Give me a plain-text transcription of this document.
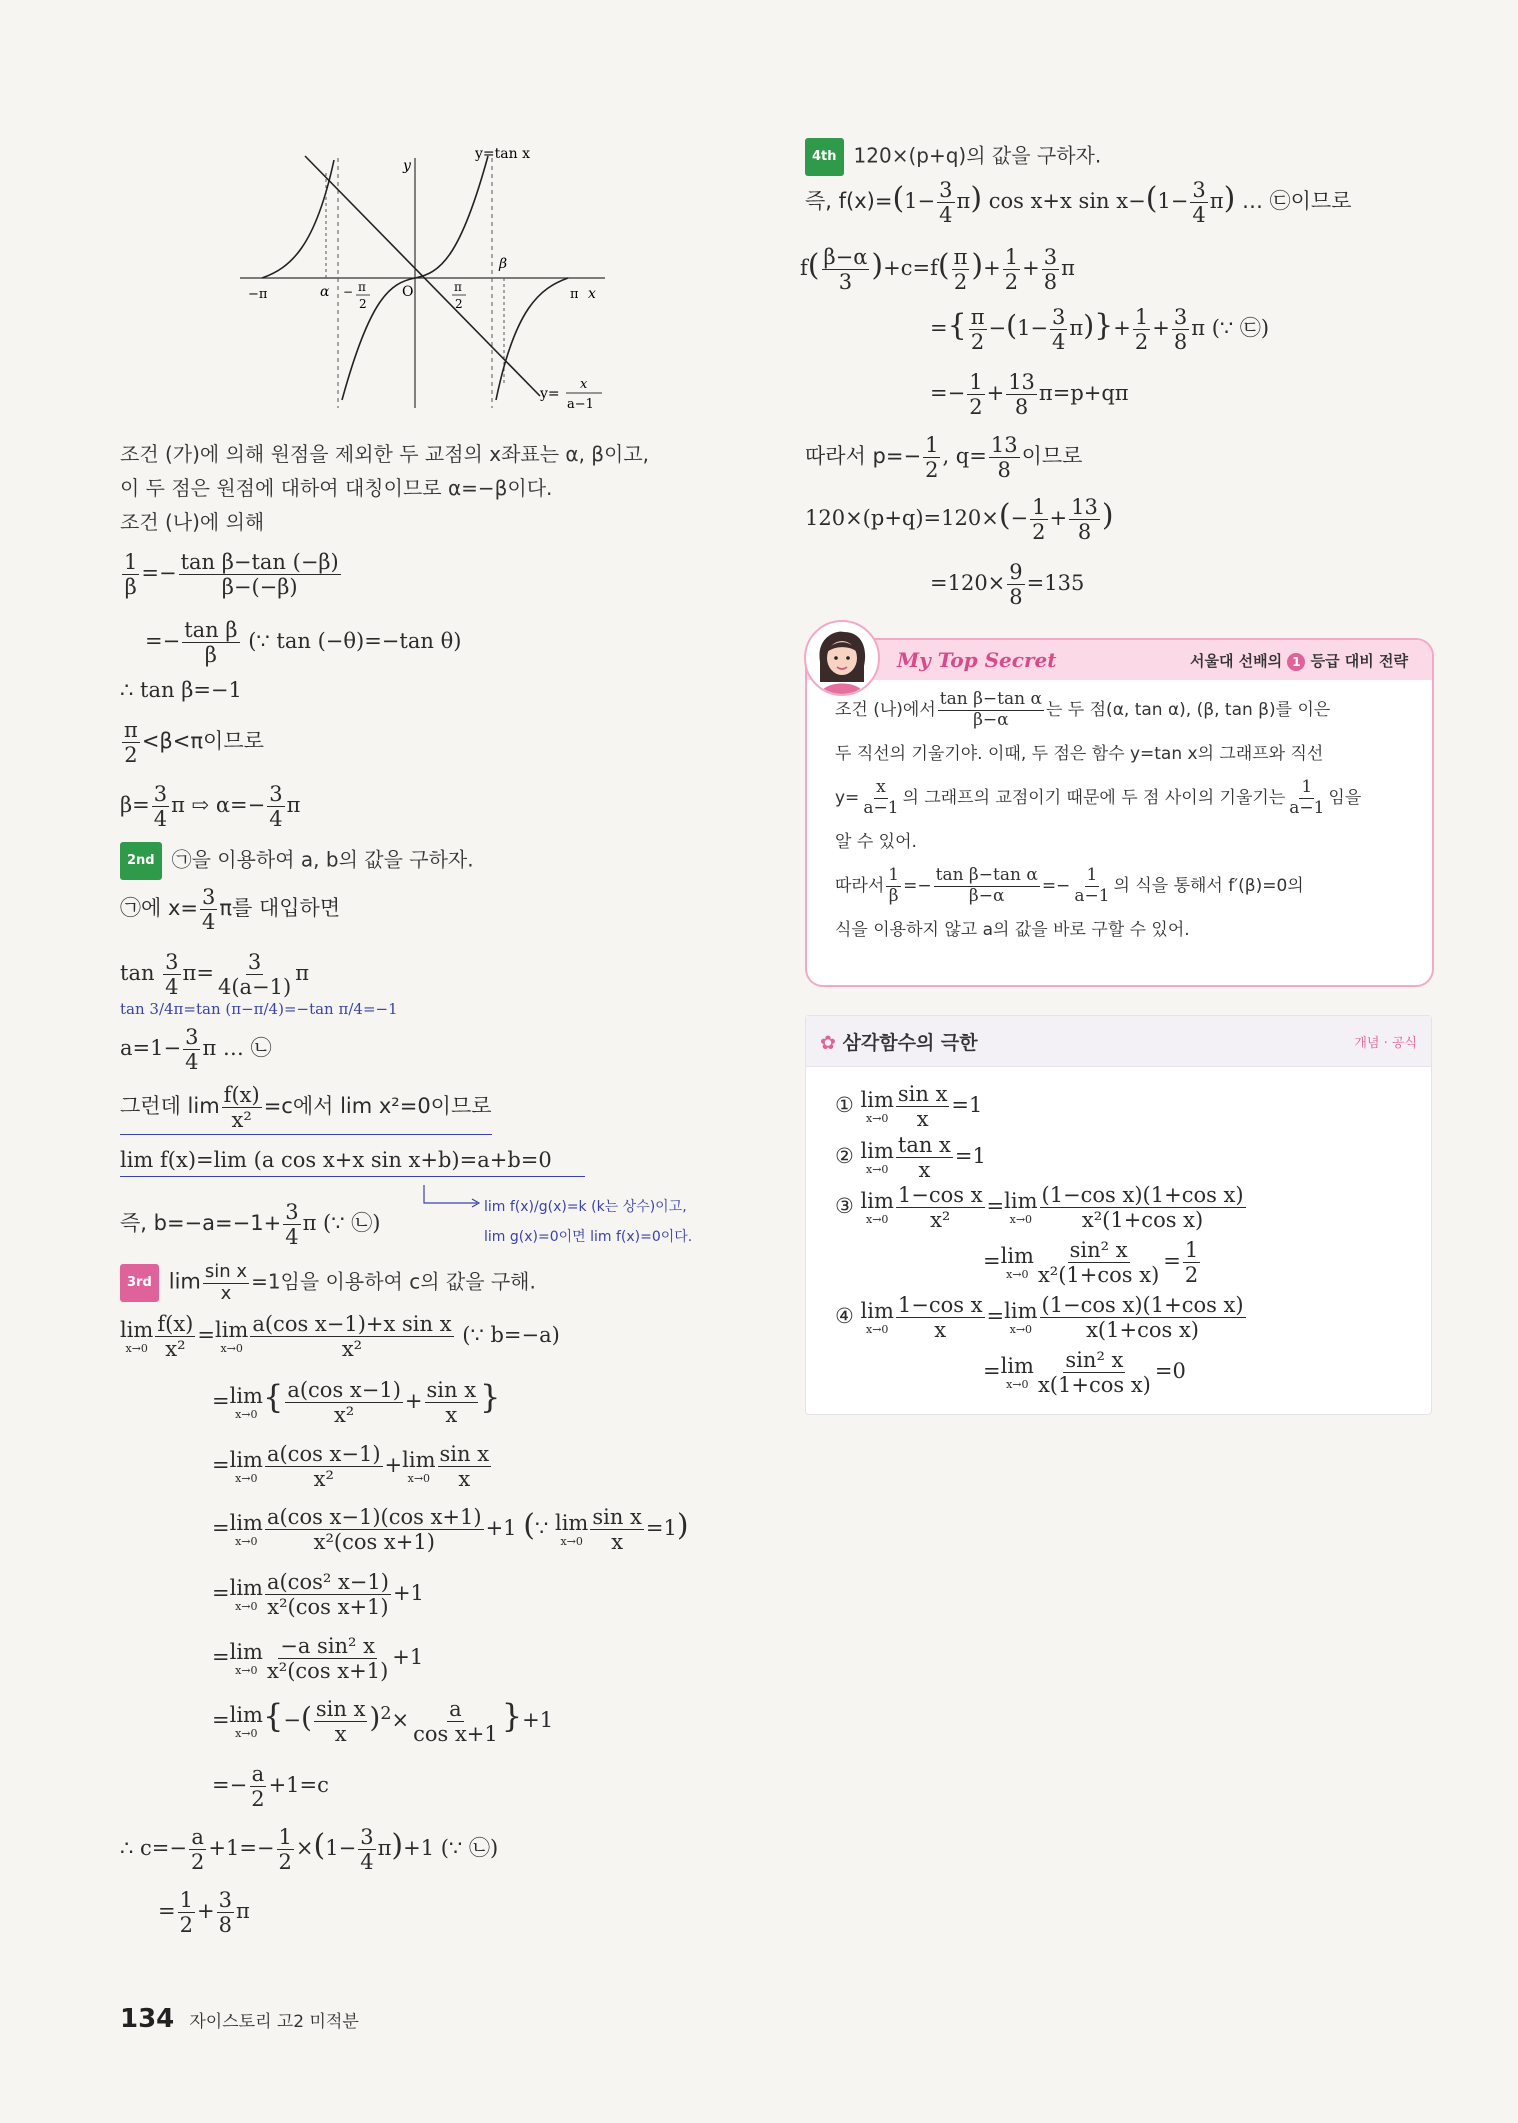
y
x
y=tan x
−π	α − π
2
O	π
2
β
π
y=
x
a−1
조건 (가)에 의해 원점을 제외한 두 교점의 x좌표는 α, β이고,
이 두 점은 원점에 대하여 대칭이므로 α=−β이다.
조건 (나)에 의해
$\frac{1}{\beta} =- \frac{\text{tan β−tan (−β)}}{\beta-(-\beta)}$
=− $\frac{\text{tan β}}{\beta}$ (∵ tan (−θ)=−tan θ)
∴ tan β=−1
$\frac{\pi}{2} <\beta<\pi$이므로
$\beta= \frac{3}{4}$ π ⇨ $\alpha=- \frac{3}{4}$ π
2nd ㉠을 이용하여 a, b의 값을 구하자.
㉠에 $x= \frac{3}{4}$ π를 대입하면
$\tan \frac{3}{4} \pi= \frac{3}{4(a-1)}$ π
tan 3/4π=tan (π−π/4)=−tan π/4=−1
$a=1- \frac{3}{4}$ π … ㉡
그런데 $\lim \frac{f(x)}{\text{x²}} =c$에서 lim x²=0이므로
lim f(x)=lim (a cos x+x sin x+b)=a+b=0
즉, $b=-a=-1+ \frac{3}{4}$ π (∵ ㉡)
lim f(x)/g(x)=k (k는 상수)이고,
lim g(x)=0이면 lim f(x)=0이다.
3rd $\lim \frac{\text{sin x}}{x} =1$임을 이용하여 c의 값을 구해.
lim
$x\to 0 \frac{f(x)}{\text{x²}} = \lim$
$x\to 0 \frac{\text{a(cos x−1)+x sin x}}{\text{x²}}$ (∵ b=−a)
= lim
x→0 { $\frac{\text{a(cos x−1)}}{\text{x²}} + \frac{\text{sin x}}{x}$ }
= lim
$x\to 0 \frac{\text{a(cos x−1)}}{\text{x²}} + \lim$
$x\to 0 \frac{\text{sin x}}{x}$
= lim
$x\to 0 \frac{\text{a(cos x−1)(cos x+1)}}{\text{x²(cos x+1)}} +1$ (∵ lim
$x\to 0 \frac{\text{sin x}}{x} =1$)
= lim
$x\to 0 \frac{\text{a(cos² x−1)}}{\text{x²(cos x+1)}} +1$
= lim
$x\to 0 \frac{\text{−a sin² x}}{\text{x²(cos x+1)}} +1$
= lim
x→0 {−( $\frac{\text{sin x}}{x} )^2\times \frac{a}{\text{cos x+1}} \}+1$
=− $\frac{a}{2} +1=c$
∴ $c=- \frac{a}{2} +1=- \frac{1}{2} \times(1- \frac{3}{4} \pi)+1$ (∵ ㉡)
= $\frac{1}{2} + \frac{3}{8}$ π
134 자이스토리 고2 미적분
4th 120×(p+q)의 값을 구하자.
즉, $f(x)=(1- \frac{3}{4} \pi)$ cos x+x $\sin x-(1- \frac{3}{4} \pi)$ … ㉢이므로
$f( \frac{\beta-\alpha}{3} )+c=f( \frac{\pi}{2}$ )+ $\frac{1}{2} + \frac{3}{8}$ π
={ $\frac{\pi}{2} -(1- \frac{3}{4} \pi)\}+ \frac{1}{2} + \frac{3}{8}$ π (∵ ㉢)
=− $\frac{1}{2} + \frac{13}{8} \pi=p+q\pi$
따라서 $p=- \frac{1}{2}$ , $q= \frac{13}{8}$ 이므로
$120\times(p+q)=120\times(- \frac{1}{2} + \frac{13}{8}$ )
$=120\times \frac{9}{8} =135$
My Top Secret	서울대 선배의 1 등급 대비 전략
조건 (나)에서 $\frac{\text{tan β−tan α}}{\beta-\alpha}$ 는 두 점(α, tan α), (β, tan β)를 이은
두 직선의 기울기야. 이때, 두 점은 함수 y=tan x의 그래프와 직선
$y= \frac{x}{a-1}$ 의 그래프의 교점이기 때문에 두 점 사이의 기울기는 $\frac{1}{a-1}$ 임을
알 수 있어.
따라서 $\frac{1}{\beta} =- \frac{\text{tan β−tan α}}{\beta-\alpha} =- \frac{1}{a-1}$ 의 식을 통해서 f′(β)=0의
식을 이용하지 않고 a의 값을 바로 구할 수 있어.
✿ 삼각함수의 극한	개념 · 공식
① lim
$x\to 0 \frac{\text{sin x}}{x} =1$
② lim
$x\to 0 \frac{\text{tan x}}{x} =1$
③ lim
$x\to 0 \frac{\text{1−cos x}}{\text{x²}} = \lim$
$x\to 0 \frac{\text{(1−cos x)(1+cos x)}}{\text{x²(1+cos x)}}$
= lim
$x\to 0 \frac{\text{sin² x}}{\text{x²(1+cos x)}} = \frac{1}{2}$
④ lim
$x\to 0 \frac{\text{1−cos x}}{x} = \lim$
$x\to 0 \frac{\text{(1−cos x)(1+cos x)}}{\text{x(1+cos x)}}$
= lim
$x\to 0 \frac{\text{sin² x}}{\text{x(1+cos x)}} =0$
